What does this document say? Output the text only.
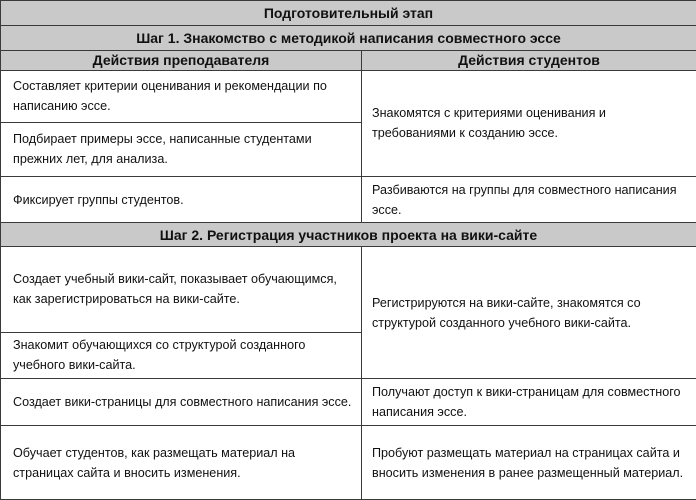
Подготовительный этап	
Шаг 1. Знакомство с методикой написания совместного эссе	
Действия преподавателя	Действия студентов
Составляет критерии оценивания и рекомендации по написанию эссе.	Знакомятся с критериями оценивания и требованиями к созданию эссе.
Подбирает примеры эссе, написанные студентами прежних лет, для анализа.	
Фиксирует группы студентов.	Разбиваются на группы для совместного написания эссе.
Шаг 2. Регистрация участников проекта на вики-сайте	
Создает учебный вики-сайт, показывает обучающимся, как зарегистрироваться на вики-сайте.	Регистрируются на вики-сайте, знакомятся со структурой созданного учебного вики-сайта.
Знакомит обучающихся со структурой созданного учебного вики-сайта.	
Создает вики-страницы для совместного написания эссе.	Получают доступ к вики-страницам для совместного написания эссе.
Обучает студентов, как размещать материал на страницах сайта и вносить изменения.	Пробуют размещать материал на страницах сайта и вносить изменения в ранее размещенный материал.
